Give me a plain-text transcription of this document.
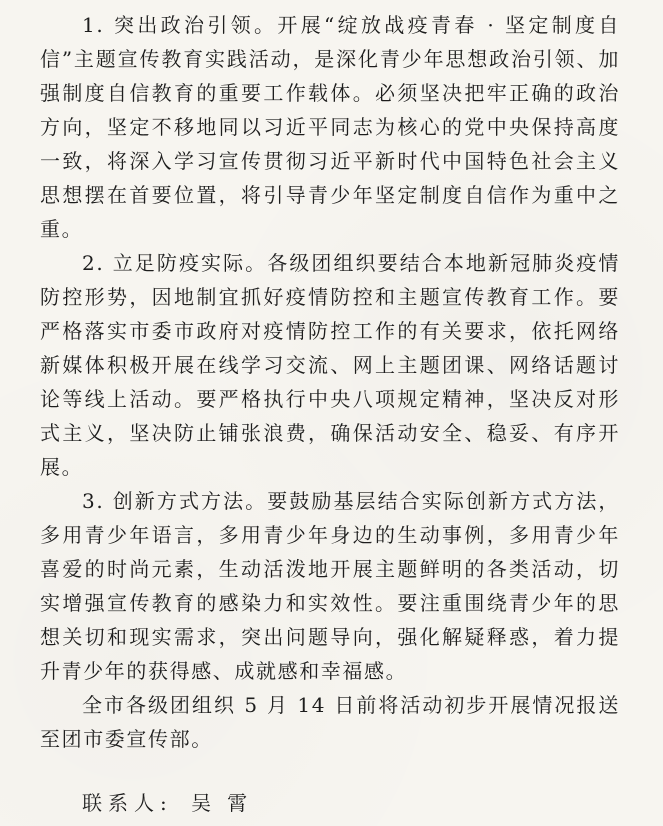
1. 突出政治引领。开展“绽放战疫青春 · 坚定制度自信”主题宣传教育实践活动，是深化青少年思想政治引领、加强制度自信教育的重要工作载体。必须坚决把牢正确的政治方向，坚定不移地同以习近平同志为核心的党中央保持高度一致，将深入学习宣传贯彻习近平新时代中国特色社会主义思想摆在首要位置，将引导青少年坚定制度自信作为重中之重。

2. 立足防疫实际。各级团组织要结合本地新冠肺炎疫情防控形势，因地制宜抓好疫情防控和主题宣传教育工作。要严格落实市委市政府对疫情防控工作的有关要求，依托网络新媒体积极开展在线学习交流、网上主题团课、网络话题讨论等线上活动。要严格执行中央八项规定精神，坚决反对形式主义，坚决防止铺张浪费，确保活动安全、稳妥、有序开展。

3. 创新方式方法。要鼓励基层结合实际创新方式方法，多用青少年语言，多用青少年身边的生动事例，多用青少年喜爱的时尚元素，生动活泼地开展主题鲜明的各类活动，切实增强宣传教育的感染力和实效性。要注重围绕青少年的思想关切和现实需求，突出问题导向，强化解疑释惑，着力提升青少年的获得感、成就感和幸福感。

全市各级团组织 5 月 14 日前将活动初步开展情况报送至团市委宣传部。

联系人: 吴霄
